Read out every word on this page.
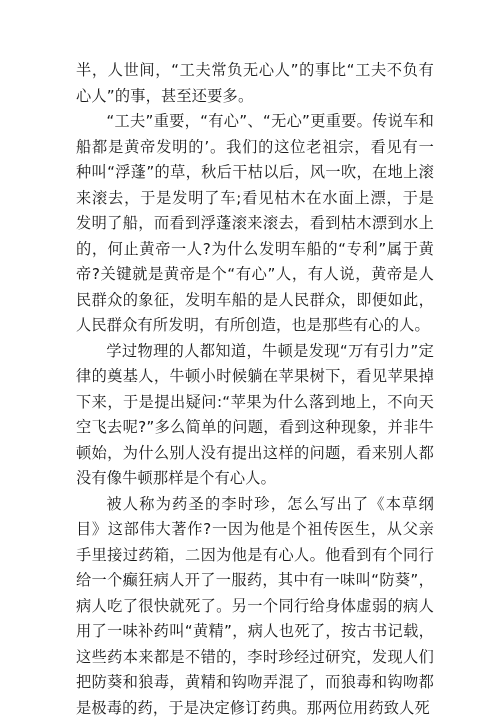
半，人世间，“工夫常负无心人”的事比“工夫不负有心人”的事，甚至还要多。

“工夫”重要，“有心”、“无心”更重要。传说车和船都是黄帝发明的’。我们的这位老祖宗，看见有一种叫“浮蓬”的草，秋后干枯以后，风一吹，在地上滚来滚去，于是发明了车;看见枯木在水面上漂，于是发明了船，而看到浮蓬滚来滚去，看到枯木漂到水上的，何止黄帝一人?为什么发明车船的“专利”属于黄帝?关键就是黄帝是个“有心”人，有人说，黄帝是人民群众的象征，发明车船的是人民群众，即便如此，人民群众有所发明，有所创造，也是那些有心的人。

学过物理的人都知道，牛顿是发现“万有引力”定律的奠基人，牛顿小时候躺在苹果树下，看见苹果掉下来，于是提出疑问:“苹果为什么落到地上，不向天空飞去呢?”多么简单的问题，看到这种现象，并非牛顿始，为什么别人没有提出这样的问题，看来别人都没有像牛顿那样是个有心人。

被人称为药圣的李时珍，怎么写出了《本草纲目》这部伟大著作?一因为他是个祖传医生，从父亲手里接过药箱，二因为他是有心人。他看到有个同行给一个癫狂病人开了一服药，其中有一味叫“防葵”，病人吃了很快就死了。另一个同行给身体虚弱的病人用了一味补药叫“黄精”，病人也死了，按古书记载，这些药本来都是不错的，李时珍经过研究，发现人们把防葵和狼毒，黄精和钩吻弄混了，而狼毒和钩吻都是极毒的药，于是决定修订药典。那两位用药致人死
